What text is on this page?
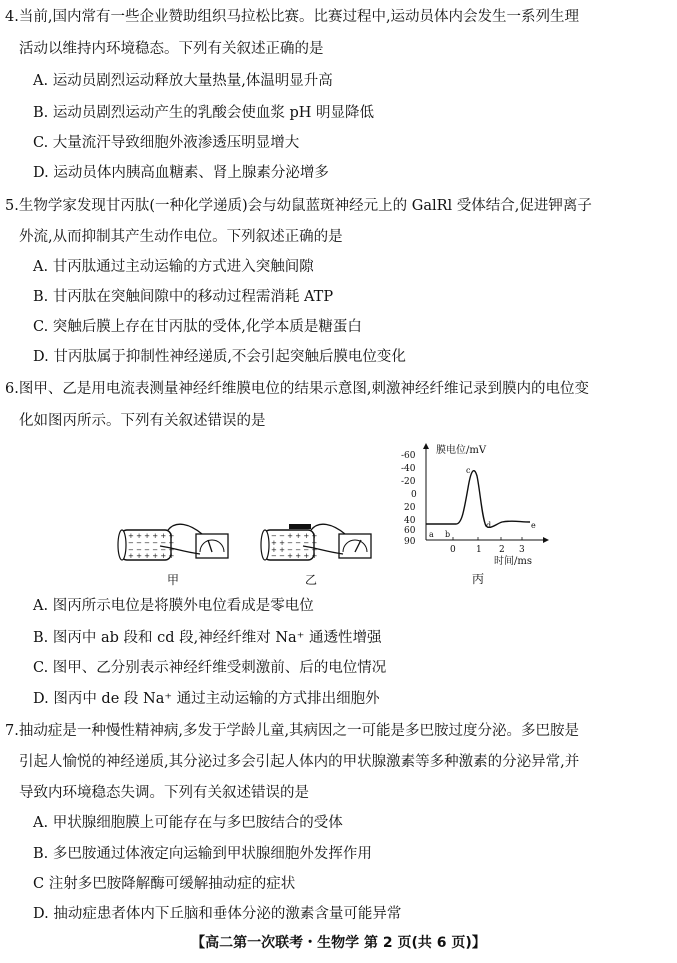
4.当前,国内常有一些企业赞助组织马拉松比赛。比赛过程中,运动员体内会发生一系列生理
活动以维持内环境稳态。下列有关叙述正确的是
A. 运动员剧烈运动释放大量热量,体温明显升高
B. 运动员剧烈运动产生的乳酸会使血浆 pH 明显降低
C. 大量流汗导致细胞外液渗透压明显增大
D. 运动员体内胰高血糖素、肾上腺素分泌增多
5.生物学家发现甘丙肽(一种化学递质)会与幼鼠蓝斑神经元上的 GalRl 受体结合,促进钾离子
外流,从而抑制其产生动作电位。下列叙述正确的是
A. 甘丙肽通过主动运输的方式进入突触间隙
B. 甘丙肽在突触间隙中的移动过程需消耗 ATP
C. 突触后膜上存在甘丙肽的受体,化学本质是糖蛋白
D. 甘丙肽属于抑制性神经递质,不会引起突触后膜电位变化
6.图甲、乙是用电流表测量神经纤维膜电位的结果示意图,刺激神经纤维记录到膜内的电位变
化如图丙所示。下列有关叙述错误的是
+ + + + + +
+ + + + + +
− − − − − −
− − − − − −
甲
− − + + + +
− − + + + +
+ + − − − −
+ + − − − −
乙
-60
-40
-20
0
20
40
60
90
0 1 2 3
膜电位/mV
时间/ms
a b
c
d	e
丙
A. 图丙所示电位是将膜外电位看成是零电位
B. 图丙中 ab 段和 cd 段,神经纤维对 Na⁺ 通透性增强
C. 图甲、乙分别表示神经纤维受刺激前、后的电位情况
D. 图丙中 de 段 Na⁺ 通过主动运输的方式排出细胞外
7.抽动症是一种慢性精神病,多发于学龄儿童,其病因之一可能是多巴胺过度分泌。多巴胺是
引起人愉悦的神经递质,其分泌过多会引起人体内的甲状腺激素等多种激素的分泌异常,并
导致内环境稳态失调。下列有关叙述错误的是
A. 甲状腺细胞膜上可能存在与多巴胺结合的受体
B. 多巴胺通过体液定向运输到甲状腺细胞外发挥作用
C 注射多巴胺降解酶可缓解抽动症的症状
D. 抽动症患者体内下丘脑和垂体分泌的激素含量可能异常
【高二第一次联考・生物学 第 2 页(共 6 页)】
